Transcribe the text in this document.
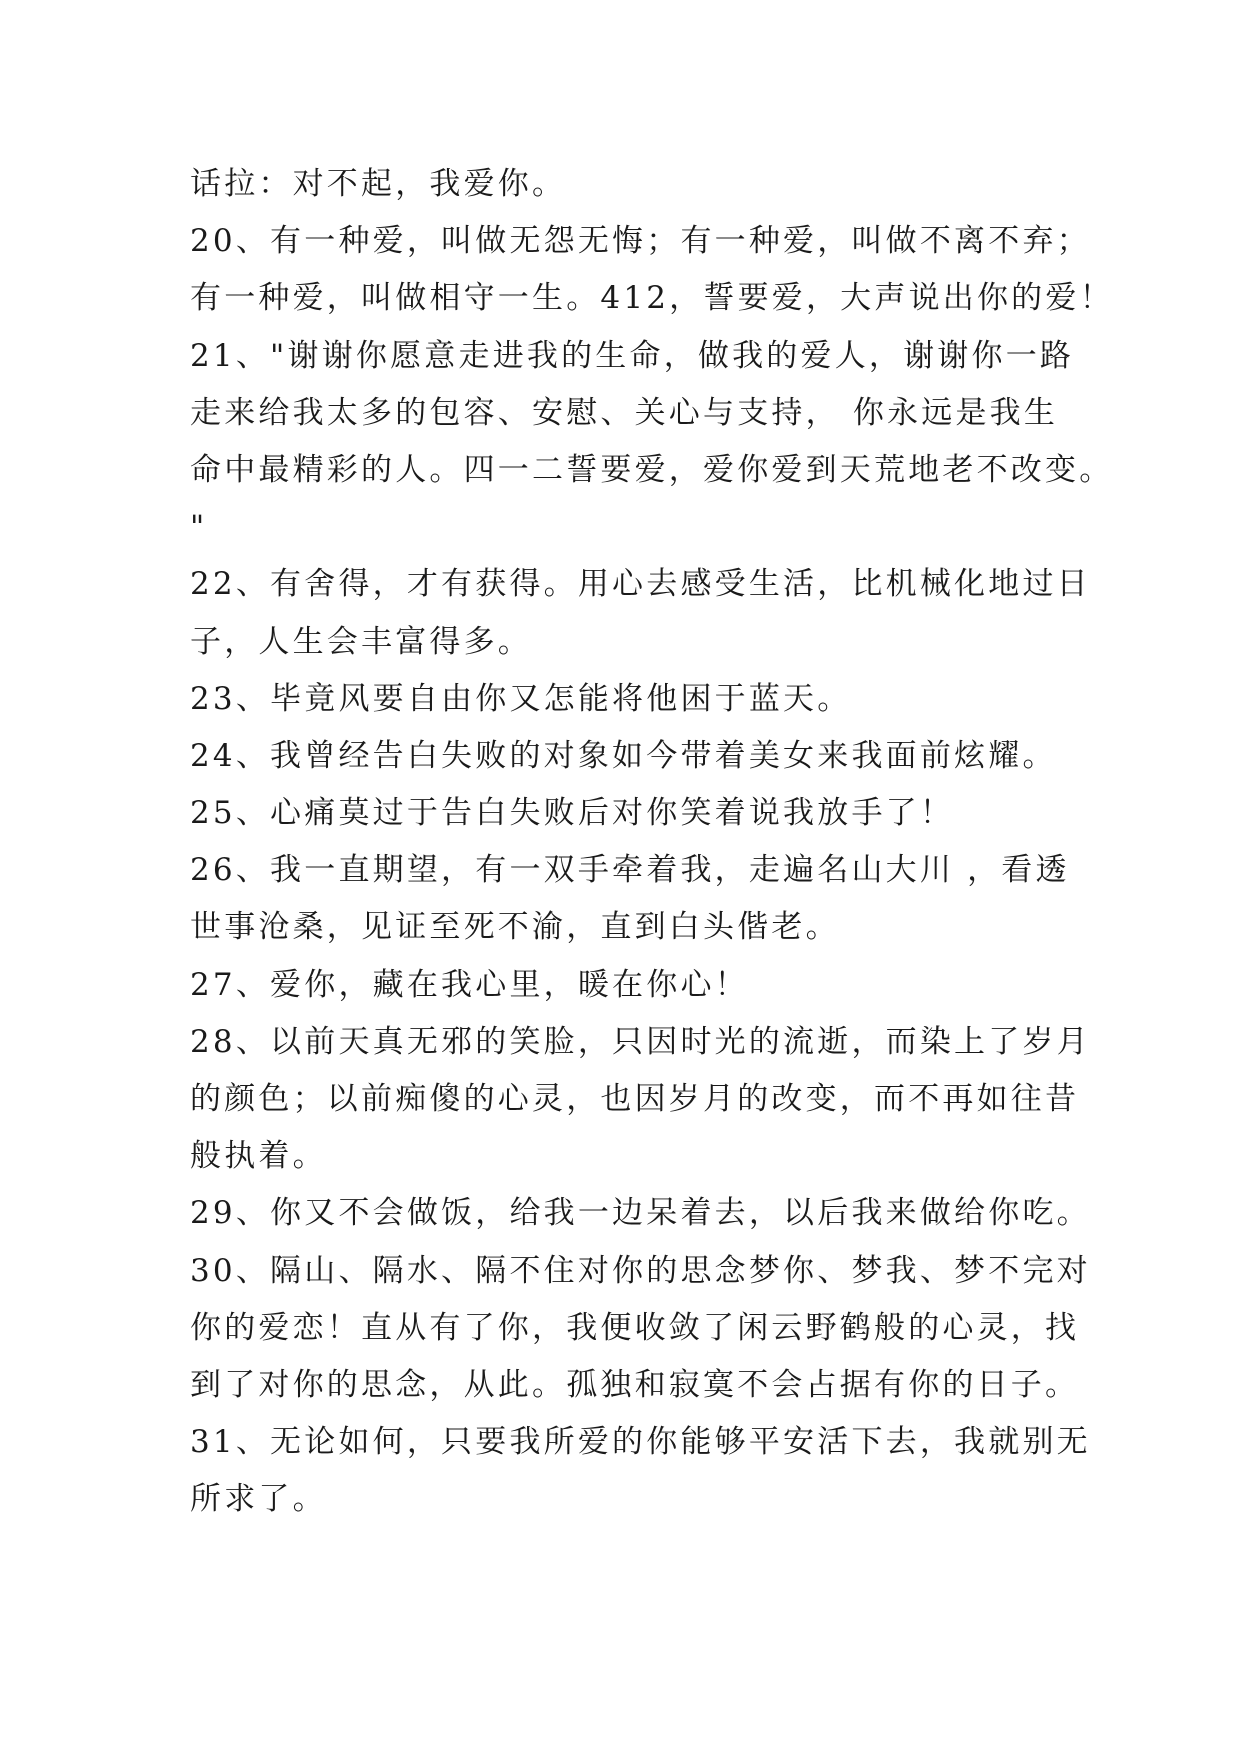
话拉：对不起，我爱你。
20、有一种爱，叫做无怨无悔；有一种爱，叫做不离不弃；
有一种爱，叫做相守一生。412，誓要爱，大声说出你的爱！
21、"谢谢你愿意走进我的生命，做我的爱人，谢谢你一路
走来给我太多的包容、安慰、关心与支持， 你永远是我生
命中最精彩的人。四一二誓要爱，爱你爱到天荒地老不改变。
"
22、有舍得，才有获得。用心去感受生活，比机械化地过日
子，人生会丰富得多。
23、毕竟风要自由你又怎能将他困于蓝天。
24、我曾经告白失败的对象如今带着美女来我面前炫耀。
25、心痛莫过于告白失败后对你笑着说我放手了！
26、我一直期望，有一双手牵着我，走遍名山大川 ，看透
世事沧桑，见证至死不渝，直到白头偕老。
27、爱你，藏在我心里，暖在你心！
28、以前天真无邪的笑脸，只因时光的流逝，而染上了岁月
的颜色；以前痴傻的心灵，也因岁月的改变，而不再如往昔
般执着。
29、你又不会做饭，给我一边呆着去，以后我来做给你吃。
30、隔山、隔水、隔不住对你的思念梦你、梦我、梦不完对
你的爱恋！直从有了你，我便收敛了闲云野鹤般的心灵，找
到了对你的思念，从此。孤独和寂寞不会占据有你的日子。
31、无论如何，只要我所爱的你能够平安活下去，我就别无
所求了。
